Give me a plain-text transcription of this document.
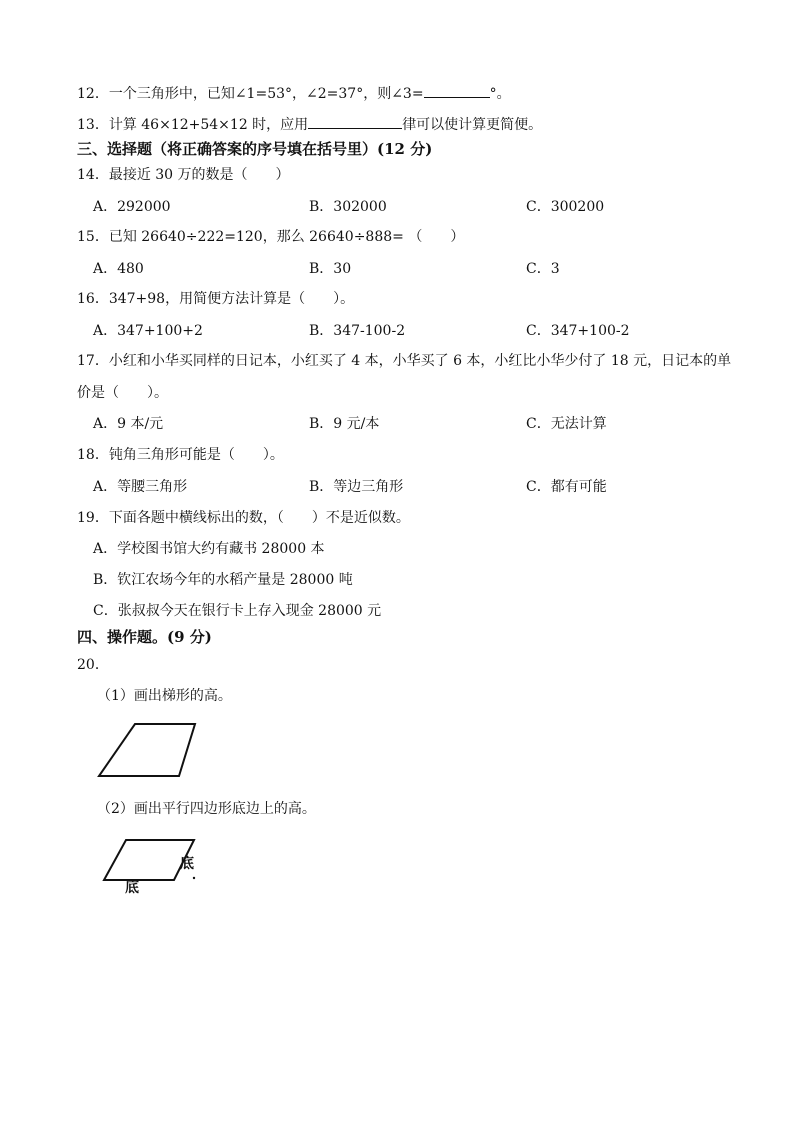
12．一个三角形中，已知∠1=53°，∠2=37°，则∠3=	°。
13．计算 46×12+54×12 时，应用	律可以使计算更简便。
三、选择题（将正确答案的序号填在括号里）(12 分)
14．最接近 30 万的数是（　　）
A．292000	B．302000	C．300200
15．已知 26640÷222=120，那么 26640÷888= （　　）
A．480	B．30	C．3
16．347+98，用简便方法计算是（　　）。
A．347+100+2	B．347-100-2	C．347+100-2
17．小红和小华买同样的日记本，小红买了 4 本，小华买了 6 本，小红比小华少付了 18 元，日记本的单
价是（　　）。
A．9 本/元	B．9 元/本	C．无法计算
18．钝角三角形可能是（　　）。
A．等腰三角形	B．等边三角形	C．都有可能
19．下面各题中横线标出的数，（　　）不是近似数。
A．学校图书馆大约有藏书 28000 本
B．钦江农场今年的水稻产量是 28000 吨
C．张叔叔今天在银行卡上存入现金 28000 元
四、操作题。(9 分)
20．
（1）画出梯形的高。
（2）画出平行四边形底边上的高。
底
底
